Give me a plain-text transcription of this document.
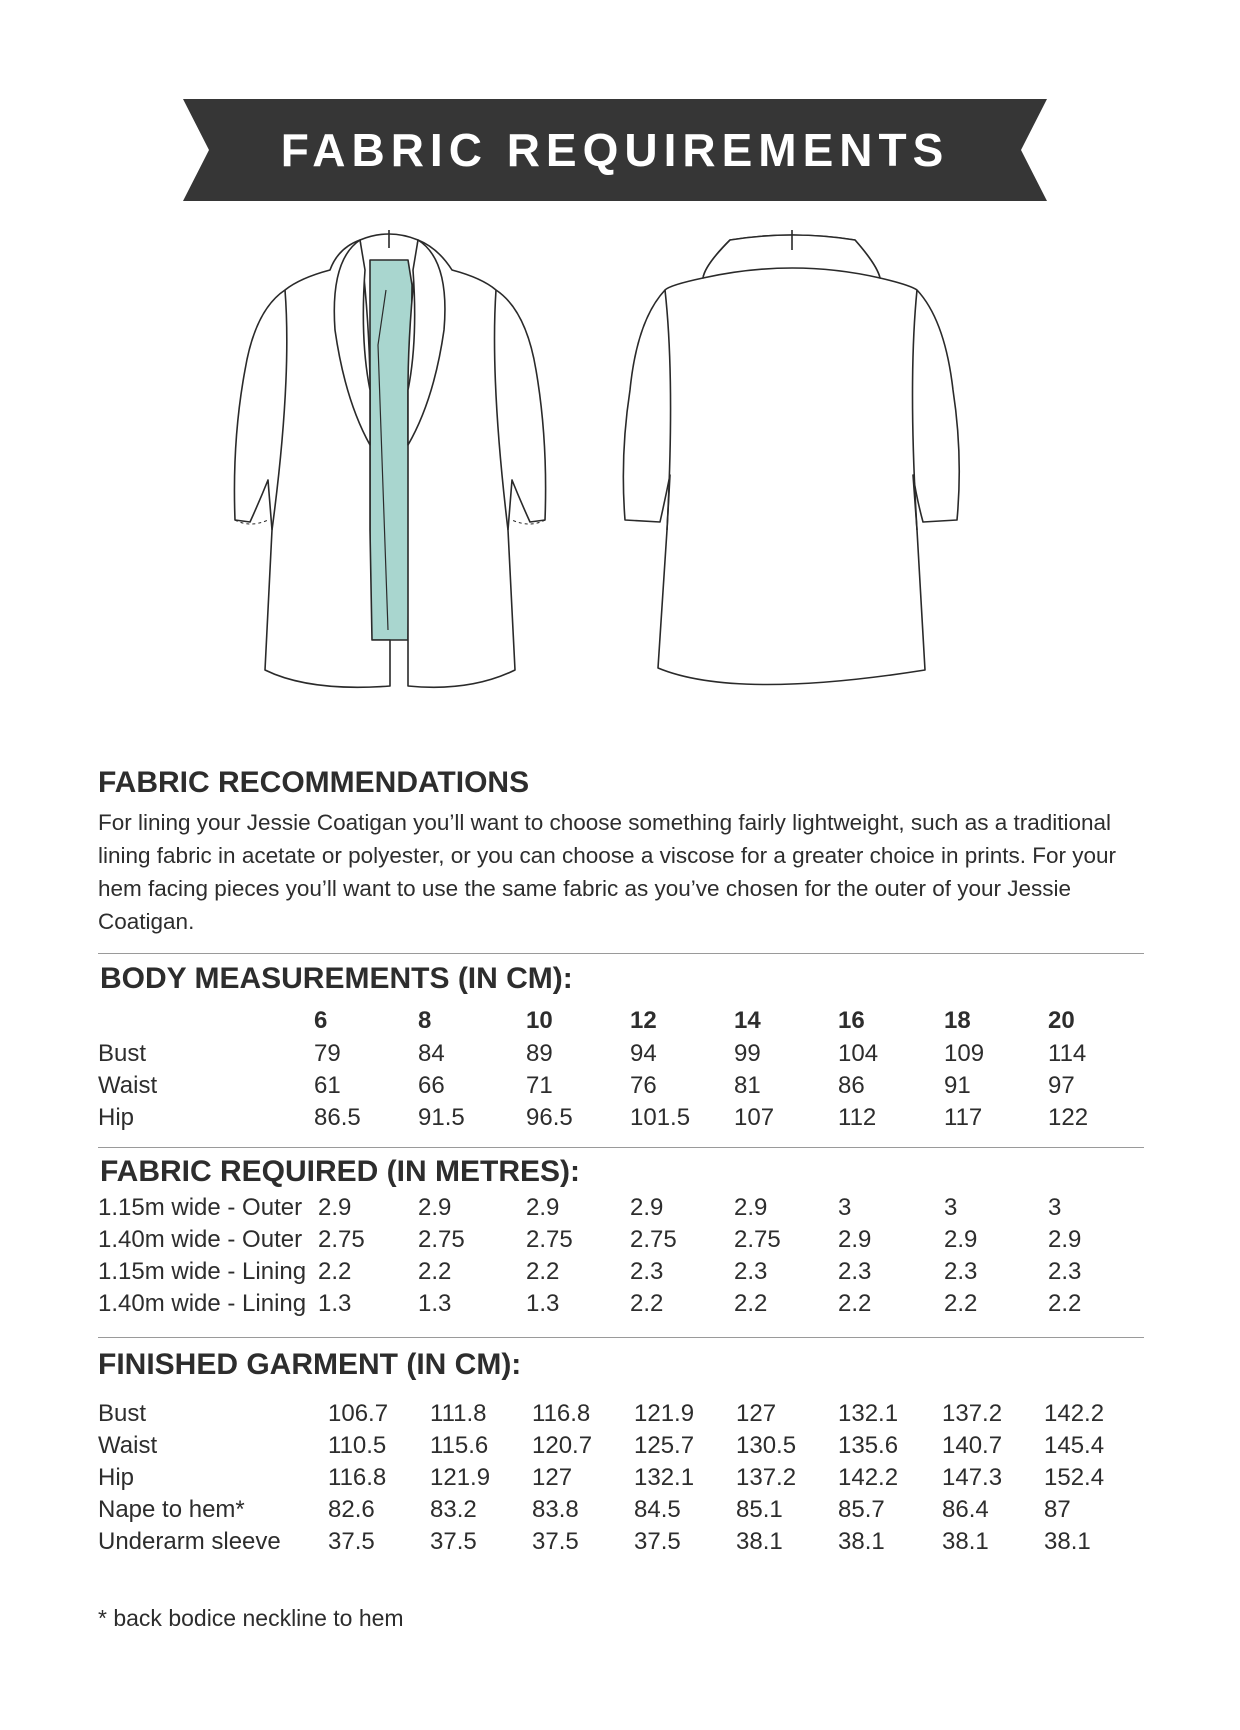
FABRIC REQUIREMENTS
FABRIC RECOMMENDATIONS
For lining your Jessie Coatigan you’ll want to choose something fairly lightweight, such as a traditional lining fabric in acetate or polyester, or you can choose a viscose for a greater choice in prints. For your hem facing pieces you’ll want to use the same fabric as you’ve chosen for the outer of your Jessie Coatigan.
BODY MEASUREMENTS (IN CM):
6	8	10	12	14	16	18	20
Bust	79	84	89	94	99	104	109	114
Waist	61	66	71	76	81	86	91	97
Hip	86.5 91.5	96.5 101.5 107	112	117	122
FABRIC REQUIRED (IN METRES):
1.15m wide - Outer 2.9	2.9	2.9	2.9	2.9	3	3	3
1.40m wide - Outer 2.75 2.75	2.75 2.75 2.75 2.9	2.9	2.9
1.15m wide - Lining 2.2	2.2	2.2	2.3	2.3	2.3	2.3	2.3
1.40m wide - Lining 1.3	1.3	1.3	2.2	2.2	2.2	2.2	2.2
FINISHED GARMENT (IN CM):
Bust	106.7 111.8 116.8 121.9 127	132.1 137.2 142.2
Waist	110.5 115.6 120.7 125.7 130.5 135.6 140.7 145.4
Hip	116.8 121.9 127	132.1 137.2 142.2 147.3 152.4
Nape to hem*	82.6 83.2 83.8 84.5 85.1 85.7 86.4 87
Underarm sleeve 37.5 37.5 37.5 37.5 38.1 38.1 38.1 38.1
* back bodice neckline to hem
